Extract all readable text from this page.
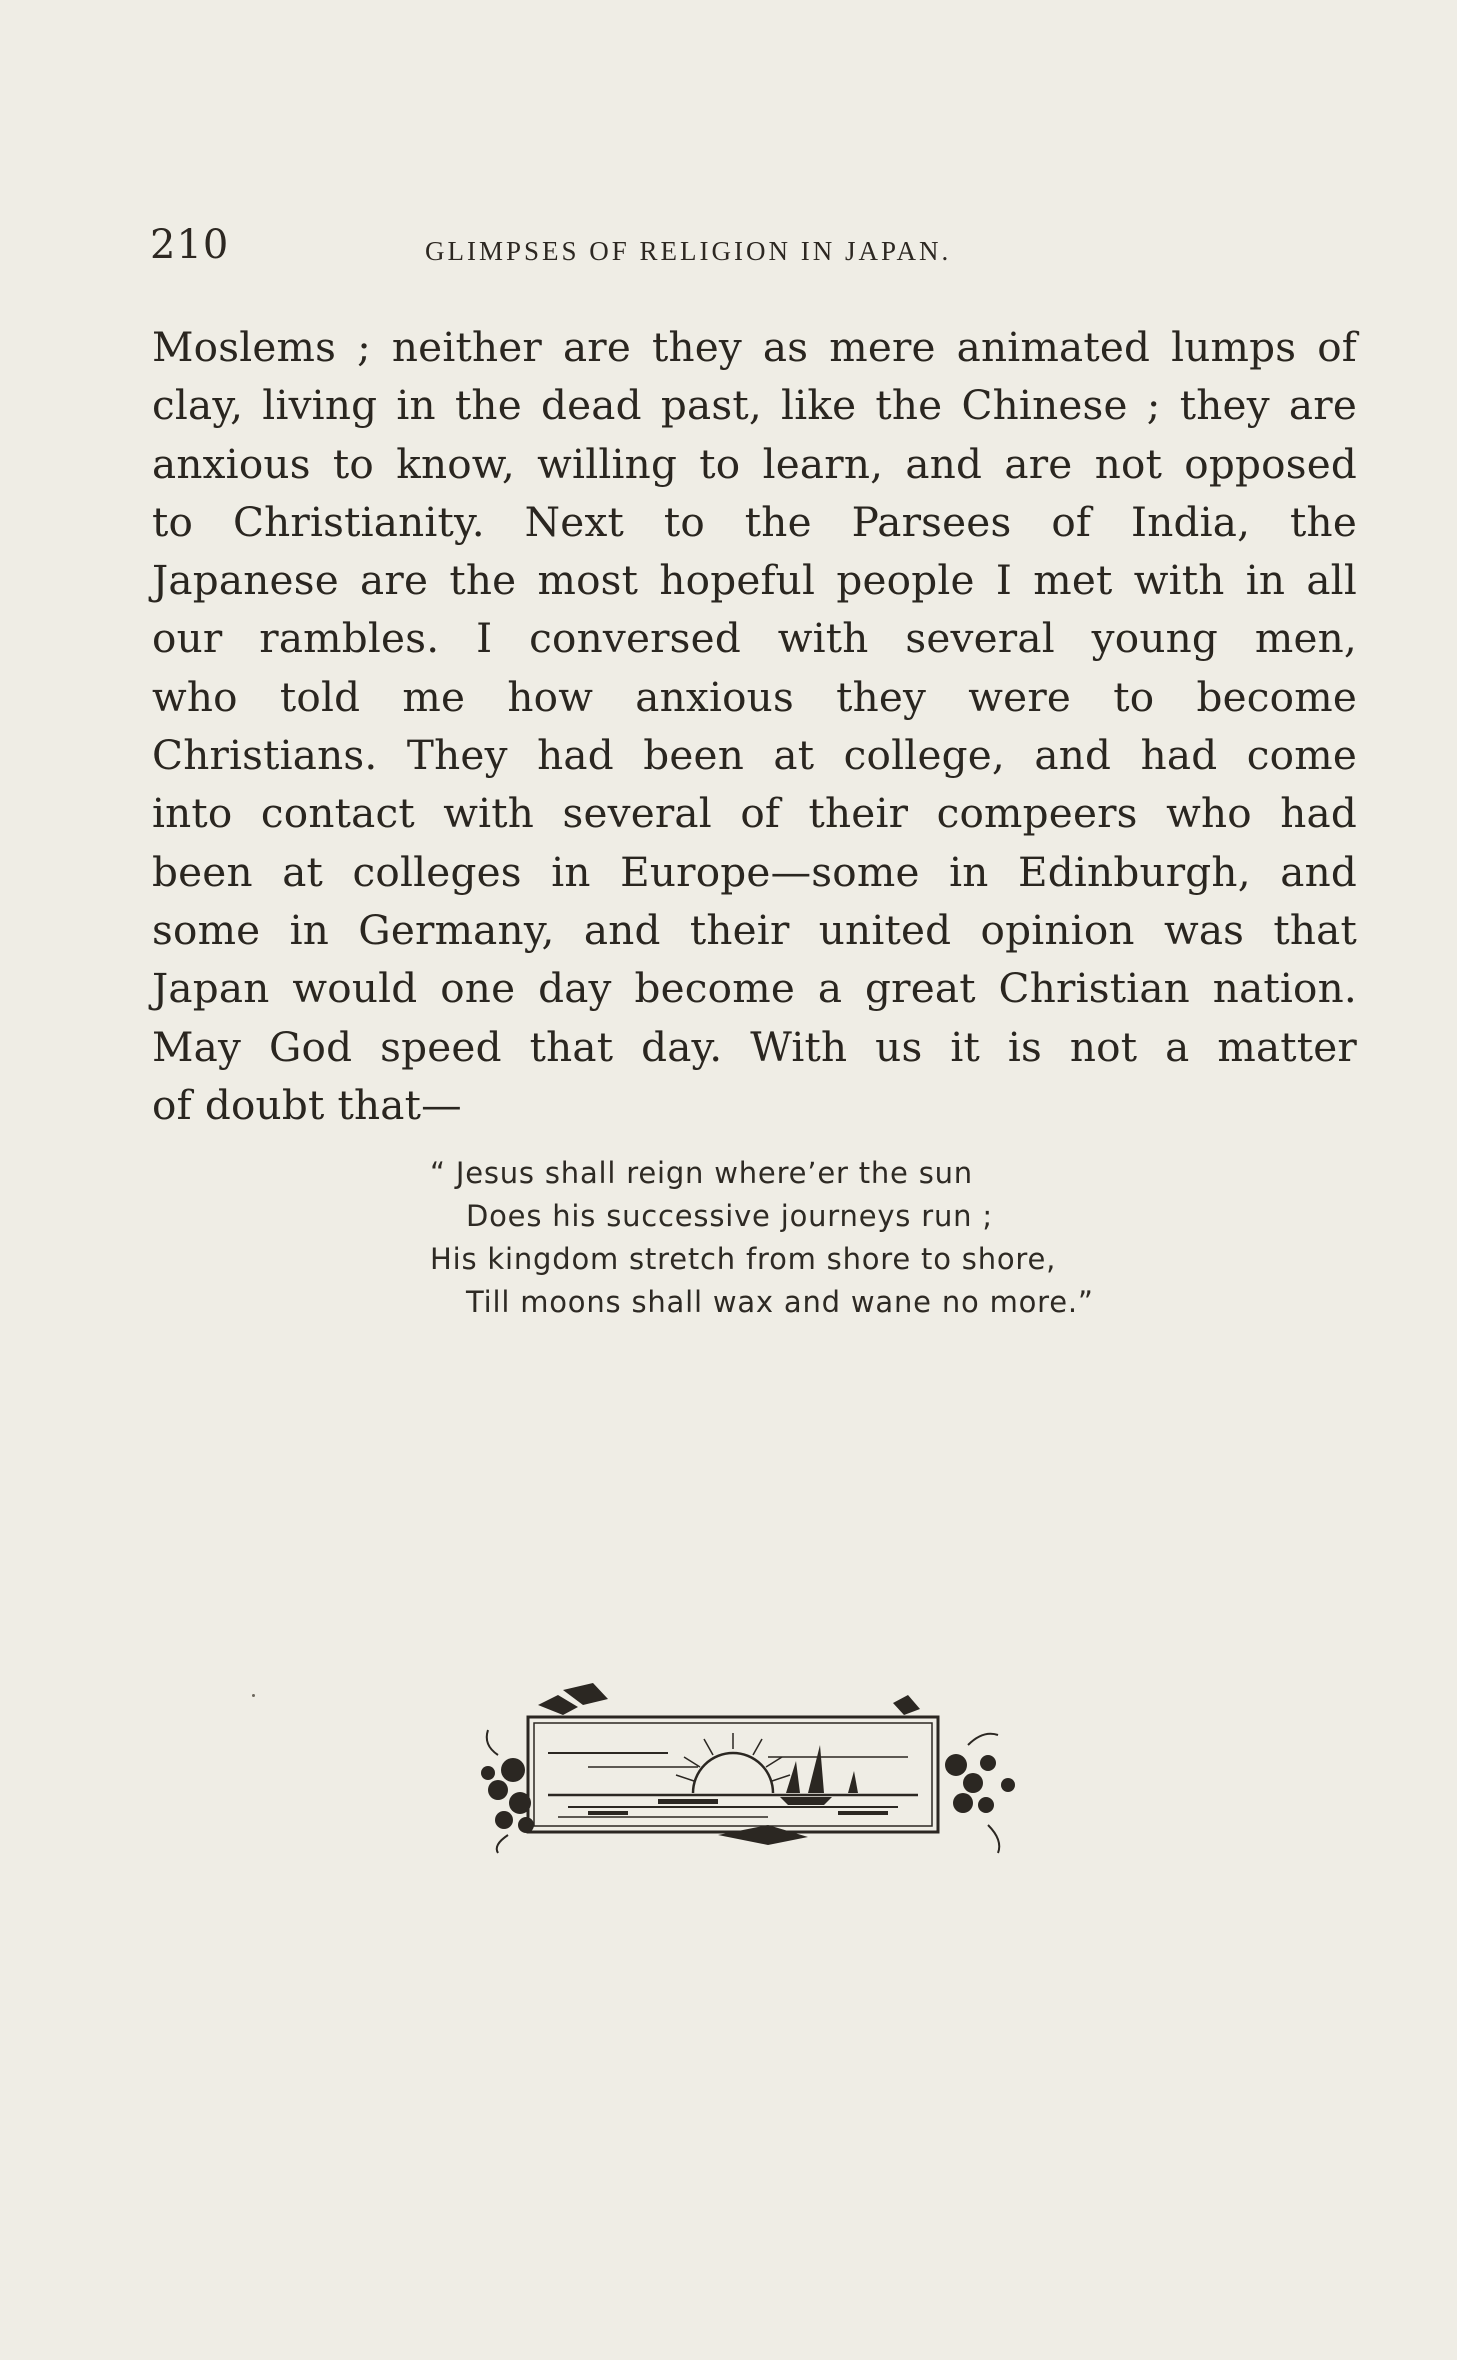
210	GLIMPSES OF RELIGION IN JAPAN.
Moslems ; neither are they as mere animated lumps of
clay, living in the dead past, like the Chinese ; they are
anxious to know, willing to learn, and are not opposed
to Christianity. Next to the Parsees of India, the
Japanese are the most hopeful people I met with in all
our rambles. I conversed with several young men,
who told me how anxious they were to become
Christians. They had been at college, and had come
into contact with several of their compeers who had
been at colleges in Europe—some in Edinburgh, and
some in Germany, and their united opinion was that
Japan would one day become a great Christian nation.
May God speed that day. With us it is not a matter
of doubt that—
“ Jesus shall reign where’er the sun
Does his successive journeys run ;
His kingdom stretch from shore to shore,
Till moons shall wax and wane no more.”
